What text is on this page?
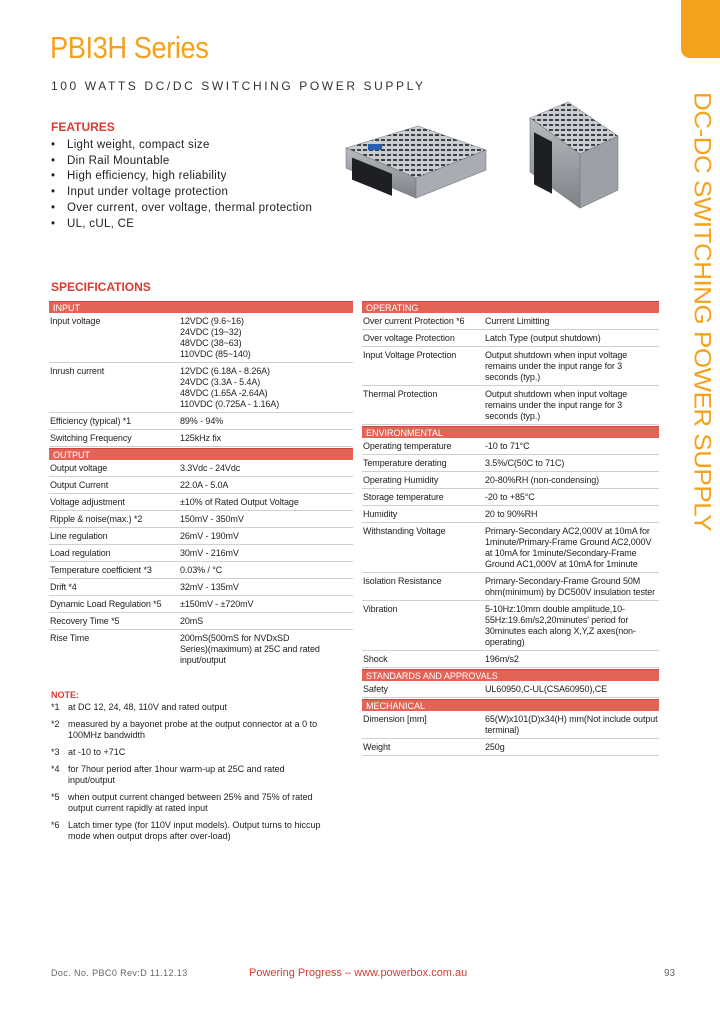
DC-DC SWITCHING POWER SUPPLY
PBI3H Series
100 WATTS DC/DC SWITCHING POWER SUPPLY
FEATURES
• Light weight, compact size
• Din Rail Mountable
• High efficiency, high reliability
• Input under voltage protection
• Over current, over voltage, thermal protection
• UL, cUL, CE
SPECIFICATIONS
INPUT
Input voltage	12VDC (9.6~16)
24VDC (19~32)
48VDC (38~63)
110VDC (85~140)
Inrush current	12VDC (6.18A - 8.26A)
24VDC (3.3A - 5.4A)
48VDC (1.65A -2.64A)
110VDC (0.725A - 1.16A)
Efficiency (typical) *1	89% - 94%
Switching Frequency	125kHz fix
OUTPUT
Output voltage	3.3Vdc - 24Vdc
Output Current	22.0A - 5.0A
Voltage adjustment	±10% of Rated Output Voltage
Ripple & noise(max.) *2	150mV - 350mV
Line regulation	26mV - 190mV
Load regulation	30mV - 216mV
Temperature coefficient *3	0.03% / °C
Drift *4	32mV - 135mV
Dynamic Load Regulation *5	±150mV - ±720mV
Recovery Time *5	20mS
Rise Time	200mS(500mS for NVDxSD
Series)(maximum) at 25C and rated
input/output
OPERATING
Over current Protection *6	Current Limitting
Over voltage Protection	Latch Type (output shutdown)
Input Voltage Protection	Output shutdown when input voltage
remains under the input range for 3
seconds (typ.)
Thermal Protection	Output shutdown when input voltage
remains under the input range for 3
seconds (typ.)
ENVIRONMENTAL
Operating temperature	-10 to 71°C
Temperature derating	3.5%/C(50C to 71C)
Operating Humidity	20-80%RH (non-condensing)
Storage temperature	-20 to +85°C
Humidity	20 to 90%RH
Withstanding Voltage	Primary-Secondary AC2,000V at 10mA for
1minute/Primary-Frame Ground AC2,000V
at 10mA for 1minute/Secondary-Frame
Ground AC1,000V at 10mA for 1minute
Isolation Resistance	Primary-Secondary-Frame Ground 50M
ohm(minimum) by DC500V insulation tester
Vibration	5-10Hz:10mm double amplitude,10-
55Hz:19.6m/s2,20minutes' period for
30minutes each along X,Y,Z axes(non-
operating)
Shock	196m/s2
STANDARDS AND APPROVALS
Safety	UL60950,C-UL(CSA60950),CE
MECHANICAL
Dimension [mm]	65(W)x101(D)x34(H) mm(Not include output
terminal)
Weight	250g
NOTE:
*1 at DC 12, 24, 48, 110V and rated output
*2 measured by a bayonet probe at the output connector at a 0 to
100MHz bandwidth
*3 at -10 to +71C
*4 for 7hour period after 1hour warm-up at 25C and rated
input/output
*5 when output current changed between 25% and 75% of rated
output current rapidly at rated input
*6 Latch timer type (for 110V input models). Output turns to hiccup
mode when output drops after over-load)
Doc. No. PBC0 Rev:D 11.12.13	Powering Progress – www.powerbox.com.au	93
